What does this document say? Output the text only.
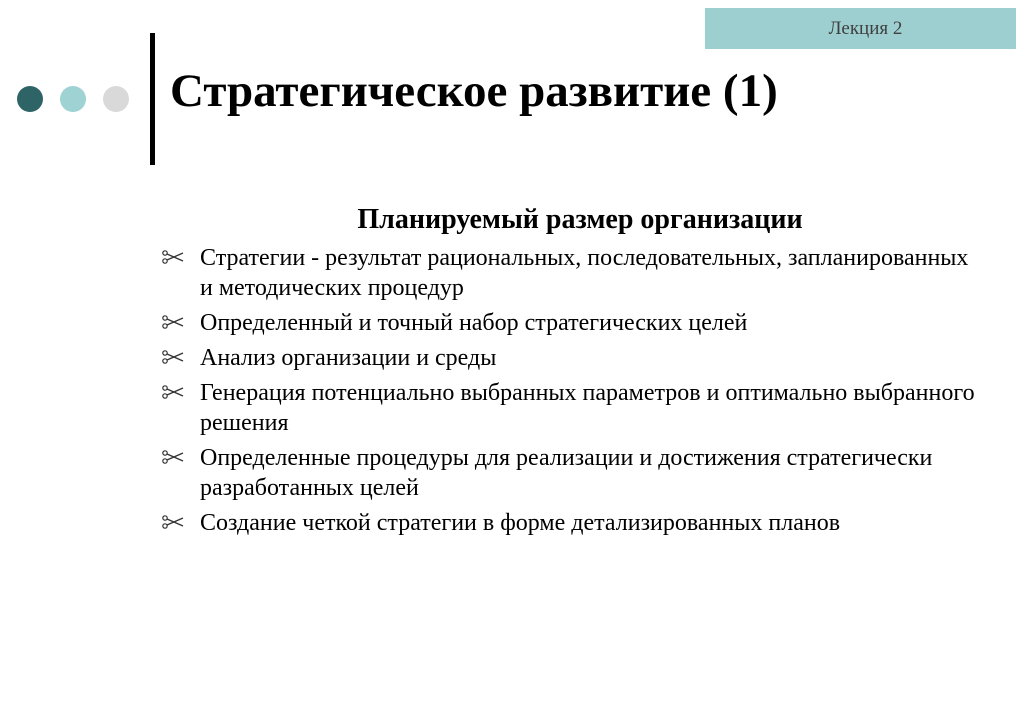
Лекция 2
Стратегическое развитие (1)
Планируемый размер организации
Стратегии - результат рациональных, последовательных, запланированных и методических процедур
Определенный и точный набор стратегических целей
Анализ организации и среды
Генерация потенциально выбранных параметров и оптимально выбранного решения
Определенные процедуры для реализации и достижения стратегически разработанных целей
Создание четкой стратегии в форме детализированных планов
